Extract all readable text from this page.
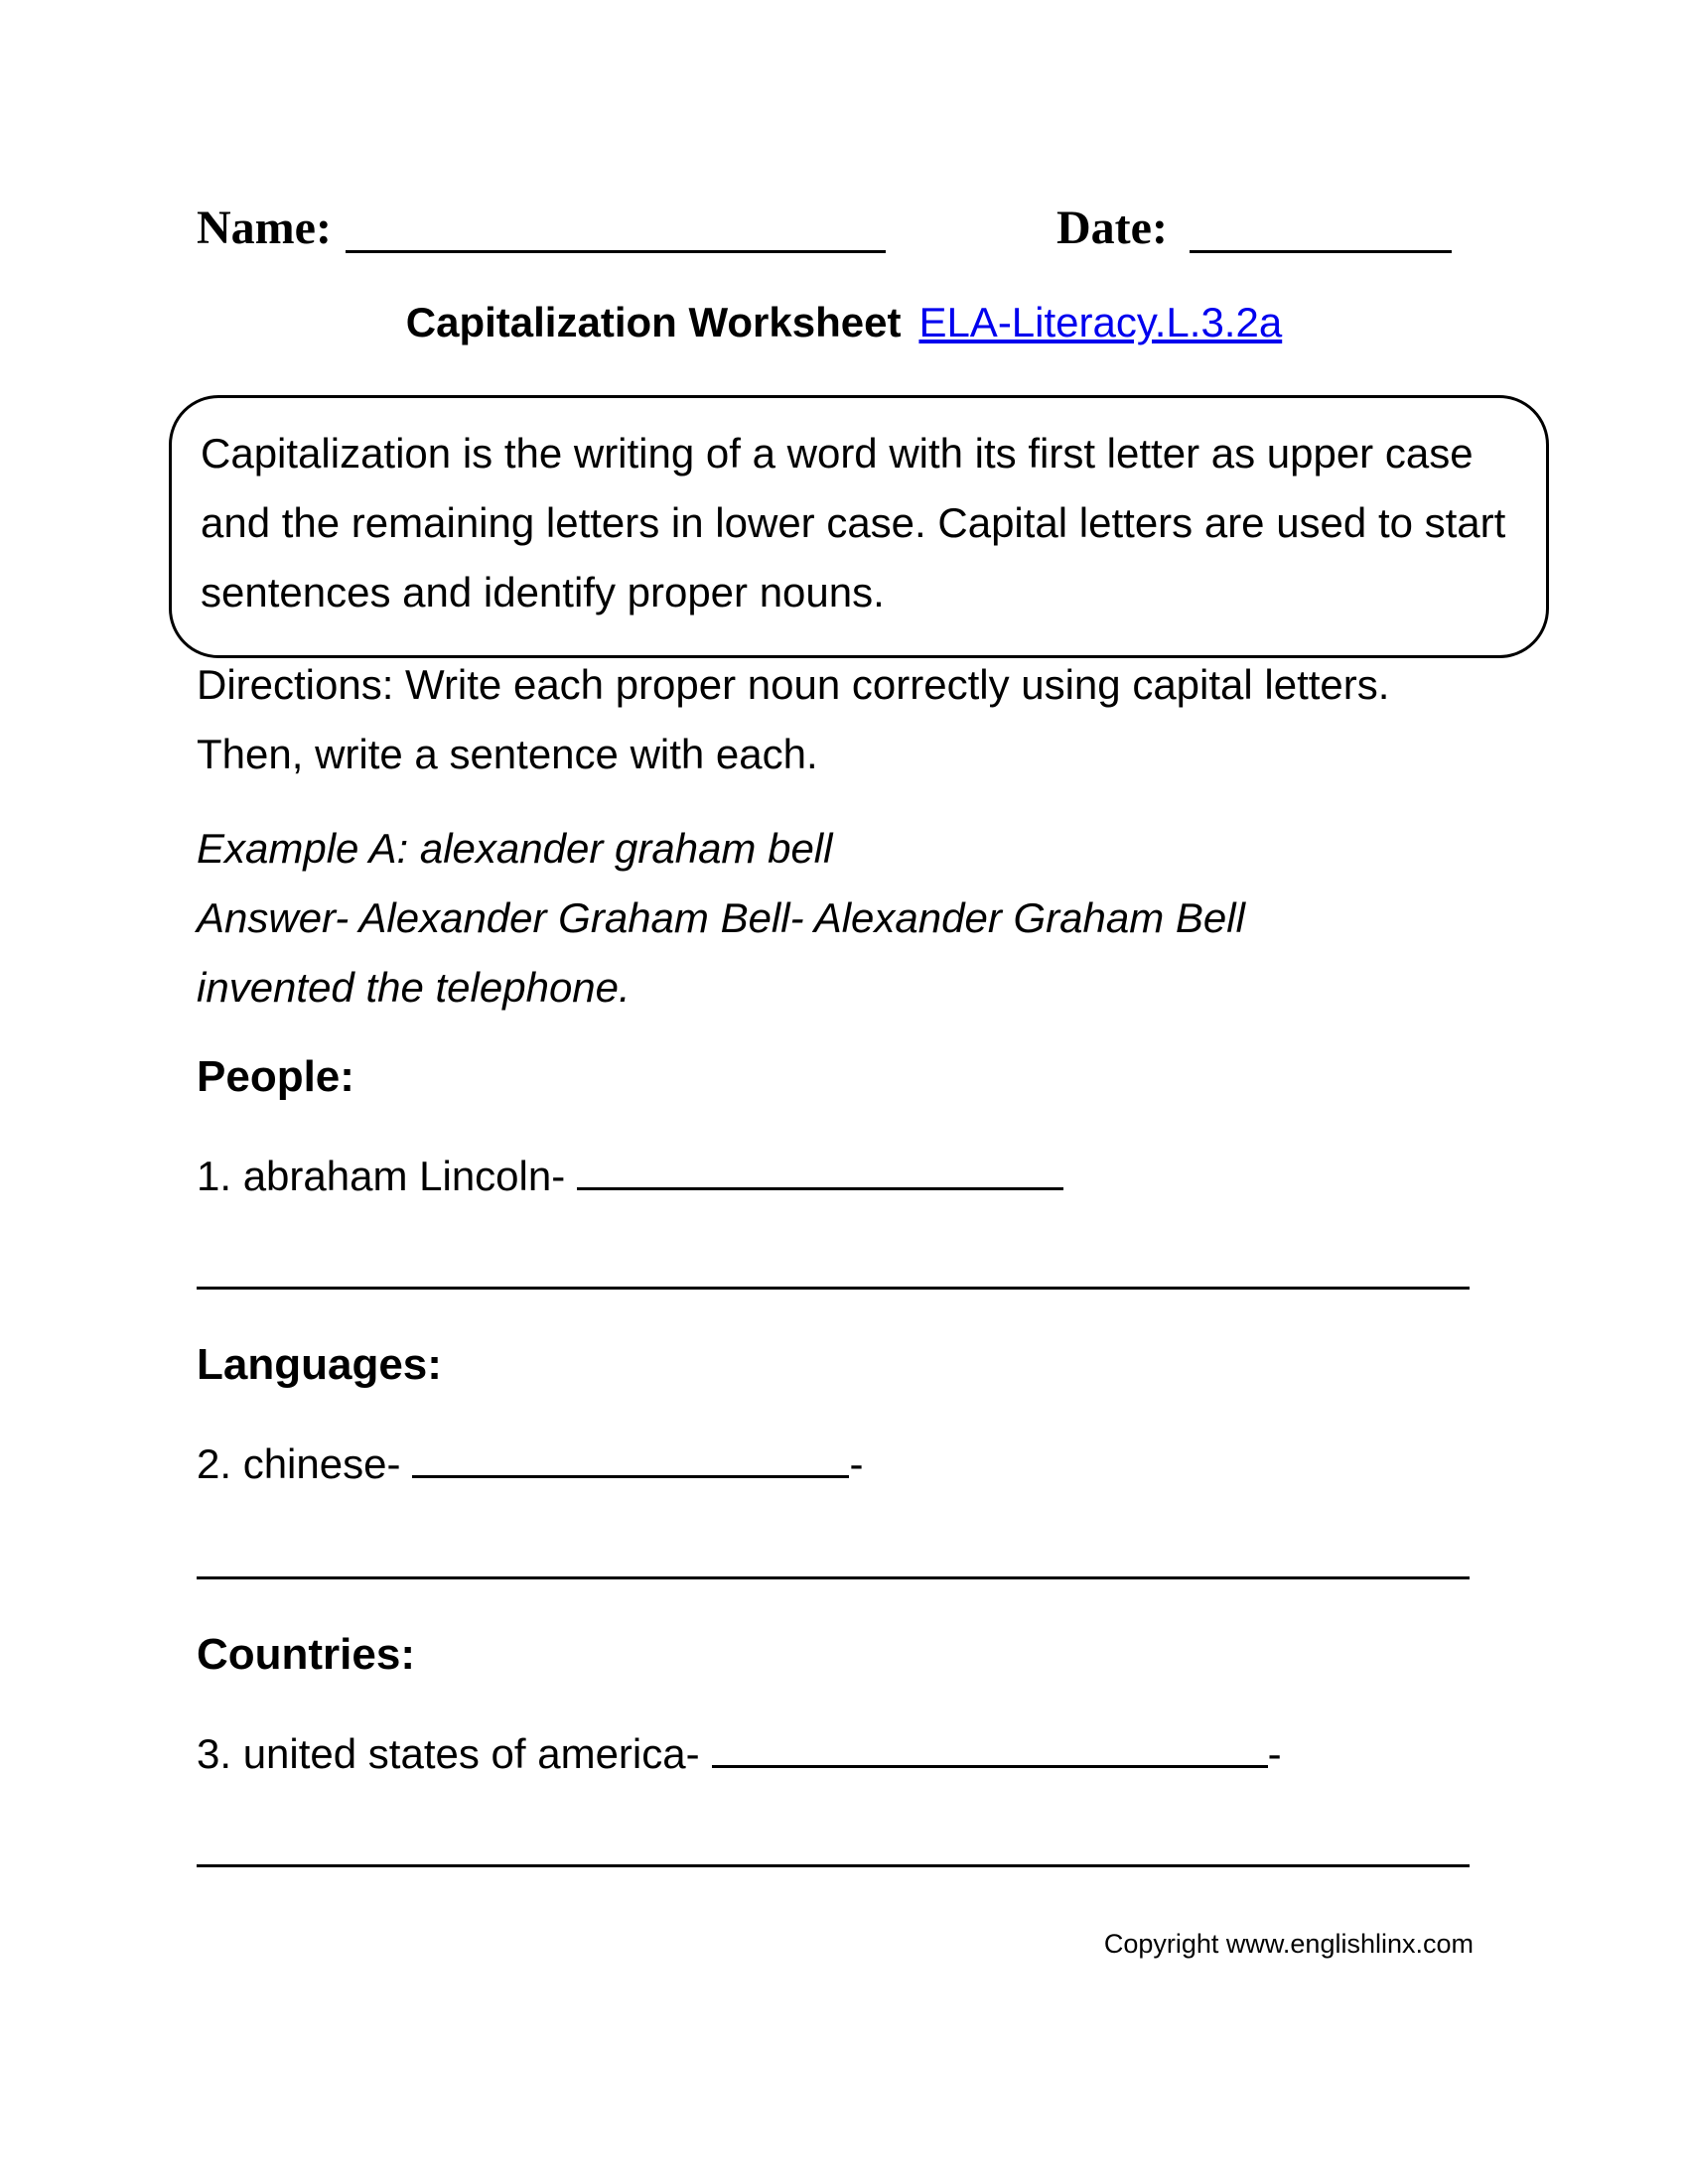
Name:	Date:
Capitalization Worksheet ELA-Literacy.L.3.2a
Capitalization is the writing of a word with its first letter as upper case and the remaining letters in lower case. Capital letters are used to start sentences and identify proper nouns.
Directions: Write each proper noun correctly using capital letters. Then, write a sentence with each.
Example A: alexander graham bell
Answer- Alexander Graham Bell- Alexander Graham Bell
invented the telephone.
People:
1. abraham Lincoln-
Languages:
2. chinese-	-
Countries:
3. united states of america-	-
Copyright www.englishlinx.com
